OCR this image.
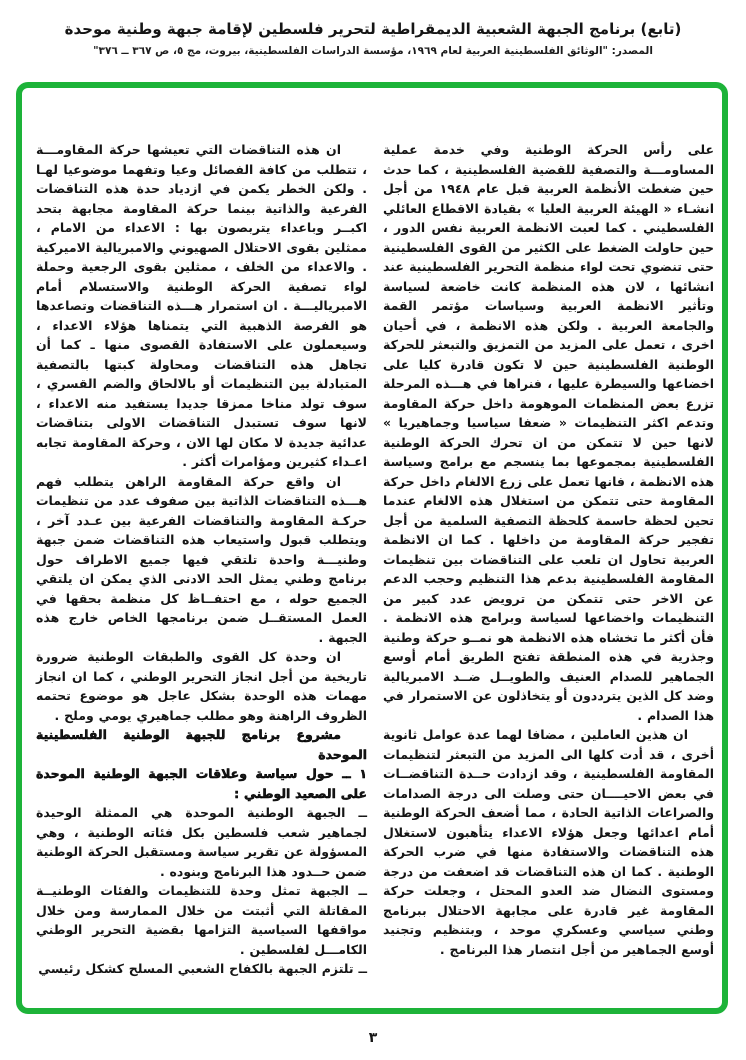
(تابع) برنامج الجبهة الشعبية الديمقراطية لتحرير فلسطين لإقامة جبهة وطنية موحدة
المصدر: "الوثائق الفلسطينية العربية لعام ١٩٦٩، مؤسسة الدراسات الفلسطينية، بيروت، مج ٥، ص ٣٦٧ ــ ٣٧٦"

على رأس الحركة الوطنية وفي خدمة عملية المساومـــة والتصفية للقضية الفلسطينية ، كما حدث حين ضغطت الأنظمة العربية قبل عام ١٩٤٨ من أجل انشـاء « الهيئة العربية العليا » بقيادة الاقطاع العائلي الفلسطيني . كما لعبت الانظمة العربية نفس الدور ، حين حاولت الضغط على الكثير من القوى الفلسطينية حتى تنضوي تحت لواء منظمة التحرير الفلسطينية عند انشائها ، لان هذه المنظمة كانت خاضعة لسياسة وتأثير الانظمة العربية وسياسات مؤتمر القمة والجامعة العربية . ولكن هذه الانظمة ، في أحيان اخرى ، تعمل على المزيد من التمزيق والتبعثر للحركة الوطنية الفلسطينية حين لا تكون قادرة كليا على اخضاعها والسيطرة عليها ، فنراها في هـــذه المرحلة تزرع بعض المنظمات الموهومة داخل حركة المقاومة وتدعم اكثر التنظيمات « ضعفا سياسيا وجماهيريا » لانها حين لا تتمكن من ان تحرك الحركة الوطنية الفلسطينية بمجموعها بما ينسجم مع برامج وسياسة هذه الانظمة ، فانها تعمل على زرع الالغام داخل حركة المقاومة حتى تتمكن من استغلال هذه الالغام عندما تحين لحظة حاسمة كلحظة التصفية السلمية من أجل تفجير حركة المقاومة من داخلها . كما ان الانظمة العربية تحاول ان تلعب على التناقضات بين تنظيمات المقاومة الفلسطينية بدعم هذا التنظيم وحجب الدعم عن الاخر حتى تتمكن من ترويض عدد كبير من التنظيمات واخضاعها لسياسة وبرامج هذه الانظمة . فأن أكثر ما تخشاه هذه الانظمة هو نمــو حركة وطنية وجذرية في هذه المنطقة تفتح الطريق أمام أوسع الجماهير للصدام العنيف والطويــل ضــد الامبريالية وضد كل الذين يترددون أو يتخاذلون عن الاستمرار في هذا الصدام .

ان هذين العاملين ، مضافا لهما عدة عوامل ثانوية أخرى ، قد أدت كلها الى المزيد من التبعثر لتنظيمات المقاومة الفلسطينية ، وقد ازدادت حــدة التناقضــات في بعض الاحيــــان حتى وصلت الى درجة الصدامات والصراعات الذاتية الحادة ، مما أضعف الحركة الوطنية أمام اعدائها وجعل هؤلاء الاعداء يتأهبون لاستغلال هذه التناقضات والاستفادة منها في ضرب الحركة الوطنية . كما ان هذه التناقضات قد اضعفت من درجة ومستوى النضال ضد العدو المحتل ، وجعلت حركة المقاومة غير قادرة على مجابهة الاحتلال ببرنامج وطني سياسي وعسكري موحد ، وبتنظيم وتجنيد أوسع الجماهير من أجل انتصار هذا البرنامج .

ان هذه التناقضات التي تعيشها حركة المقاومـــة ، تتطلب من كافة الفصائل وعيا وتفهما موضوعيا لهـا . ولكن الخطر يكمن في ازدياد حدة هذه التناقضات الفرعية والذاتية بينما حركة المقاومة مجابهة بتحد اكبــر وباعداء يتربصون بها : الاعداء من الامام ، ممثلين بقوى الاحتلال الصهيوني والامبريالية الاميركية . والاعداء من الخلف ، ممثلين بقوى الرجعية وحملة لواء تصفية الحركة الوطنية والاستسلام أمام الامبرياليـــة . ان استمرار هـــذه التناقضات وتصاعدها هو الفرصة الذهبية التي يتمناها هؤلاء الاعداء ، وسيعملون على الاستفادة القصوى منها ـ كما أن تجاهل هذه التناقضات ومحاولة كبتها بالتصفية المتبادلة بين التنظيمات أو بالالحاق والضم القسري ، سوف تولد مناخا ممزقا جديدا يستفيد منه الاعداء ، لانها سوف تستبدل التناقضات الاولى بتناقضات عدائية جديدة لا مكان لها الان ، وحركة المقاومة تجابه اعـداء كثيرين ومؤامرات أكثر .

ان واقع حركة المقاومة الراهن يتطلب فهم هـــذه التناقضات الذاتية بين صفوف عدد من تنظيمات حركـة المقاومة والتناقضات الفرعية بين عـدد آخر ، ويتطلب قبول واستيعاب هذه التناقضات ضمن جبهة وطنيـــة واحدة تلتقي فيها جميع الاطراف حول برنامج وطني يمثل الحد الادنى الذي يمكن ان يلتقي الجميع حوله ، مع احتفــاظ كل منظمة بحقها في العمل المستقــل ضمن برنامجها الخاص خارج هذه الجبهة .

ان وحدة كل القوى والطبقات الوطنية ضرورة تاريخية من أجل انجاز التحرير الوطني ، كما ان انجاز مهمات هذه الوحدة بشكل عاجل هو موضوع تحتمه الظروف الراهنة وهو مطلب جماهيري يومي وملح .

مشروع برنامج للجبهة الوطنية الفلسطينية الموحدة

١ ــ حول سياسة وعلاقات الجبهة الوطنية الموحدة على الصعيد الوطني :

ــ الجبهة الوطنية الموحدة هي الممثلة الوحيدة لجماهير شعب فلسطين بكل فئاته الوطنية ، وهي المسؤولة عن تقرير سياسة ومستقبل الحركة الوطنية ضمن حــدود هذا البرنامج وبنوده .

ــ الجبهة تمثل وحدة للتنظيمات والفئات الوطنيــة المقاتلة التي أثبتت من خلال الممارسة ومن خلال مواقفها السياسية التزامها بقضية التحرير الوطني الكامـــل لفلسطين .

ــ تلتزم الجبهة بالكفاح الشعبي المسلح كشكل رئيسي

٣
